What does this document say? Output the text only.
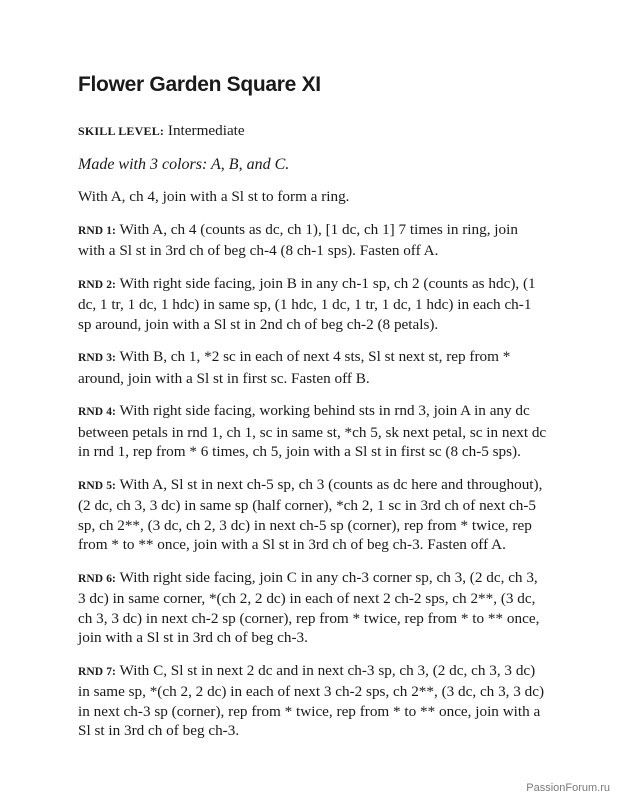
Flower Garden Square XI

SKILL LEVEL: Intermediate

Made with 3 colors: A, B, and C.

With A, ch 4, join with a Sl st to form a ring.

RND 1: With A, ch 4 (counts as dc, ch 1), [1 dc, ch 1] 7 times in ring, join with a Sl st in 3rd ch of beg ch-4 (8 ch-1 sps). Fasten off A.

RND 2: With right side facing, join B in any ch-1 sp, ch 2 (counts as hdc), (1 dc, 1 tr, 1 dc, 1 hdc) in same sp, (1 hdc, 1 dc, 1 tr, 1 dc, 1 hdc) in each ch-1 sp around, join with a Sl st in 2nd ch of beg ch-2 (8 petals).

RND 3: With B, ch 1, *2 sc in each of next 4 sts, Sl st next st, rep from * around, join with a Sl st in first sc. Fasten off B.

RND 4: With right side facing, working behind sts in rnd 3, join A in any dc between petals in rnd 1, ch 1, sc in same st, *ch 5, sk next petal, sc in next dc in rnd 1, rep from * 6 times, ch 5, join with a Sl st in first sc (8 ch-5 sps).

RND 5: With A, Sl st in next ch-5 sp, ch 3 (counts as dc here and throughout), (2 dc, ch 3, 3 dc) in same sp (half corner), *ch 2, 1 sc in 3rd ch of next ch-5 sp, ch 2**, (3 dc, ch 2, 3 dc) in next ch-5 sp (corner), rep from * twice, rep from * to ** once, join with a Sl st in 3rd ch of beg ch-3. Fasten off A.

RND 6: With right side facing, join C in any ch-3 corner sp, ch 3, (2 dc, ch 3, 3 dc) in same corner, *(ch 2, 2 dc) in each of next 2 ch-2 sps, ch 2**, (3 dc, ch 3, 3 dc) in next ch-2 sp (corner), rep from * twice, rep from * to ** once, join with a Sl st in 3rd ch of beg ch-3.

RND 7: With C, Sl st in next 2 dc and in next ch-3 sp, ch 3, (2 dc, ch 3, 3 dc) in same sp, *(ch 2, 2 dc) in each of next 3 ch-2 sps, ch 2**, (3 dc, ch 3, 3 dc) in next ch-3 sp (corner), rep from * twice, rep from * to ** once, join with a Sl st in 3rd ch of beg ch-3.

PassionForum.ru
